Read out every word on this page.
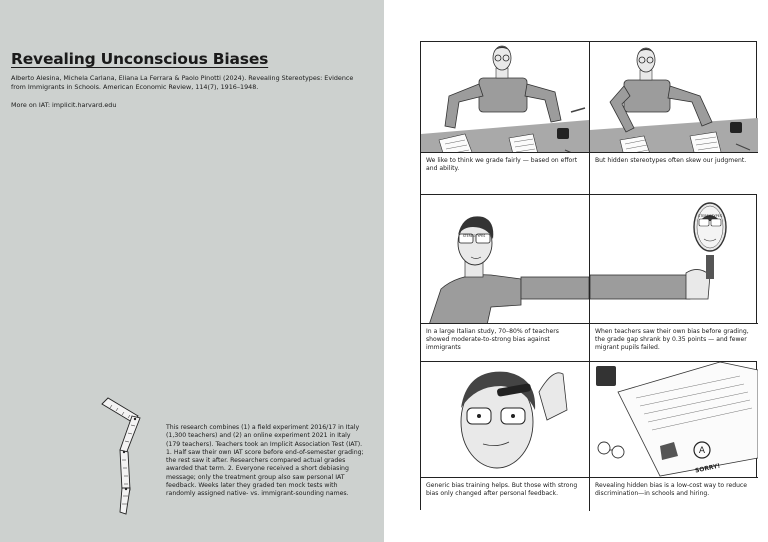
Revealing Unconscious Biases

Alberto Alesina, Michela Carlana, Eliana La Ferrara & Paolo Pinotti (2024). Revealing Stereotypes: Evidence from Immigrants in Schools. American Economic Review, 114(7), 1916–1948.

More on IAT: implicit.harvard.edu

This research combines (1) a field experiment 2016/17 in Italy (1,300 teachers) and (2) an online experiment 2021 in Italy (179 teachers). Teachers took an Implicit Association Test (IAT). 1. Half saw their own IAT score before end-of-semester grading; the rest saw it after. Researchers compared actual grades awarded that term. 2. Everyone received a short debiasing message; only the treatment group also saw personal IAT feedback. Weeks later they graded ten mock tests with randomly assigned native- vs. immigrant-sounding names.

We like to think we grade fairly — based on effort and ability.
But hidden stereotypes often skew our judgment.
STEREOTYPES
In a large Italian study, 70–80% of teachers showed moderate-to-strong bias against immigrants
STEREOTYPES
When teachers saw their own bias before grading, the grade gap shrank by 0.35 points — and fewer migrant pupils failed.
Generic bias training helps. But those with strong bias only changed after personal feedback.
A
SORRY!
Revealing hidden bias is a low-cost way to reduce discrimination—in schools and hiring.
